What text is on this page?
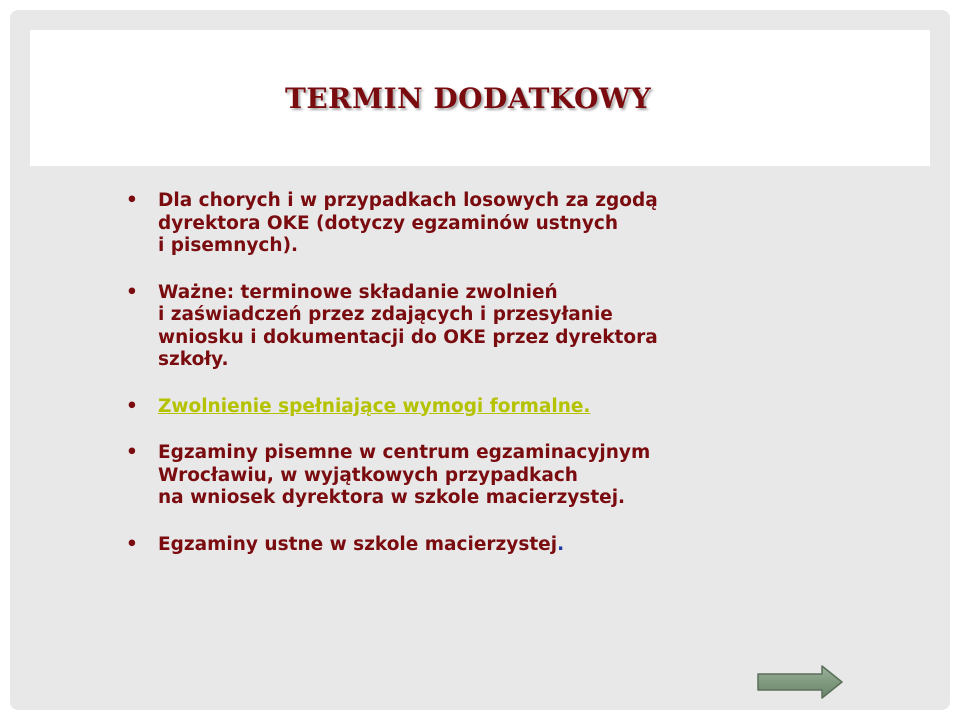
TERMIN DODATKOWY
• Dla chorych i w przypadkach losowych za zgodą
dyrektora OKE (dotyczy egzaminów ustnych
i pisemnych).
• Ważne: terminowe składanie zwolnień
i zaświadczeń przez zdających i przesyłanie
wniosku i dokumentacji do OKE przez dyrektora
szkoły.
• Zwolnienie spełniające wymogi formalne.
• Egzaminy pisemne w centrum egzaminacyjnym
Wrocławiu, w wyjątkowych przypadkach
na wniosek dyrektora w szkole macierzystej.
• Egzaminy ustne w szkole macierzystej.
